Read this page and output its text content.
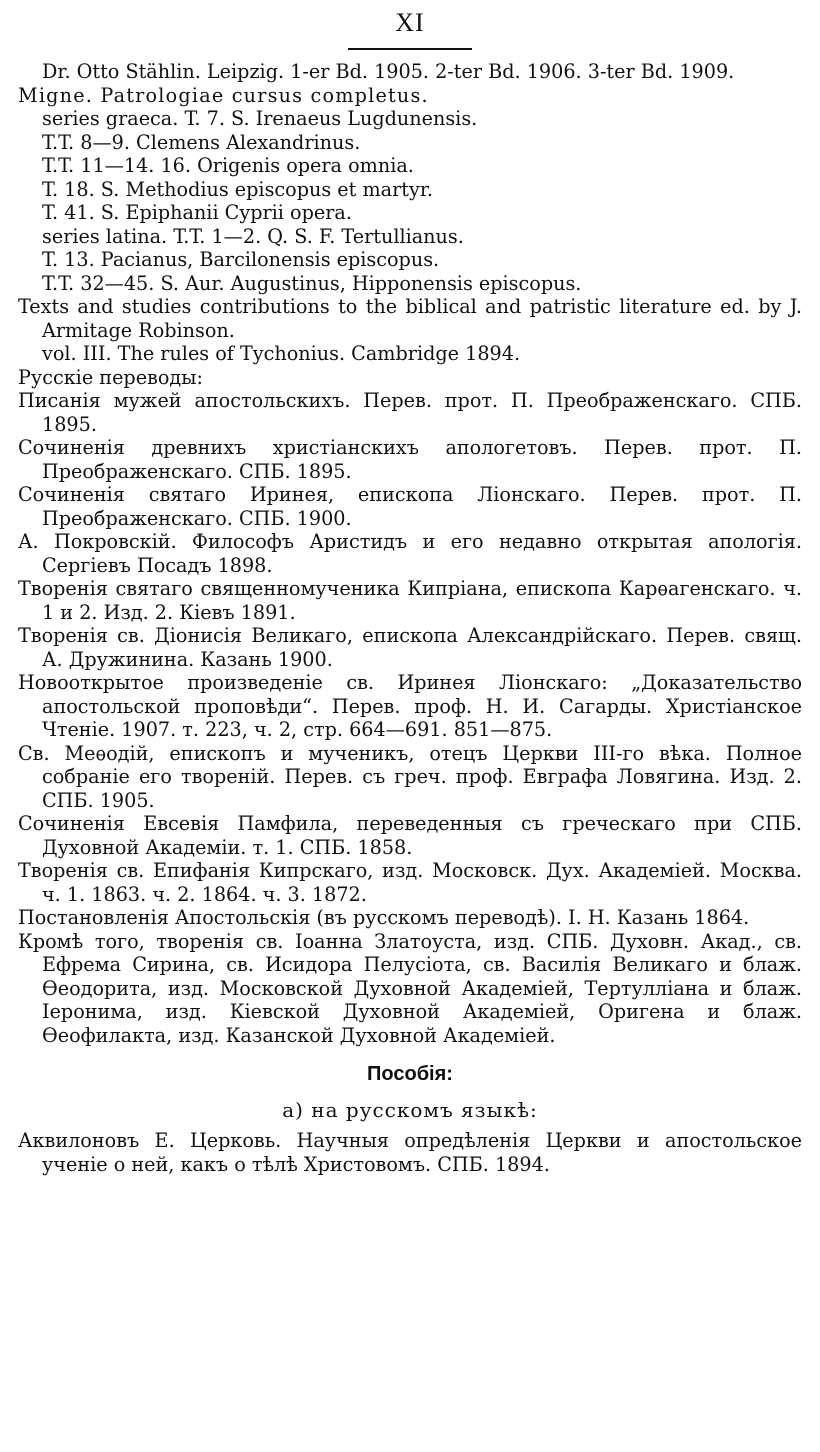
XI
Dr. Otto Stählin. Leipzig. 1-er Bd. 1905. 2-ter Bd. 1906. 3-ter Bd. 1909.
Migne. Patrologiae cursus completus.
series graeca. T. 7. S. Irenaeus Lugdunensis.
T.T. 8—9. Clemens Alexandrinus.
T.T. 11—14. 16. Origenis opera omnia.
T. 18. S. Methodius episcopus et martyr.
T. 41. S. Epiphanii Cyprii opera.
series latina. T.T. 1—2. Q. S. F. Tertullianus.
T. 13. Pacianus, Barcilonensis episcopus.
T.T. 32—45. S. Aur. Augustinus, Hipponensis episcopus.
Texts and studies contributions to the biblical and patristic literature ed. by J. Armitage Robinson.
vol. III. The rules of Tychonius. Cambridge 1894.
Русскіе переводы:
Писанія мужей апостольскихъ. Перев. прот. П. Преображенскаго. СПБ. 1895.
Сочиненія древнихъ христіанскихъ апологетовъ. Перев. прот. П. Преображенскаго. СПБ. 1895.
Сочиненія святаго Иринея, епископа Ліонскаго. Перев. прот. П. Преображенскаго. СПБ. 1900.
А. Покровскій. Философъ Аристидъ и его недавно открытая апологія. Сергіевъ Посадъ 1898.
Творенія святаго священномученика Кипріана, епископа Карѳагенскаго. ч. 1 и 2. Изд. 2. Кіевъ 1891.
Творенія св. Діонисія Великаго, епископа Александрійскаго. Перев. свящ. А. Дружинина. Казань 1900.
Новооткрытое произведеніе св. Иринея Ліонскаго: „Доказательство апостольской проповѣди“. Перев. проф. Н. И. Сагарды. Христіанское Чтеніе. 1907. т. 223, ч. 2, стр. 664—691. 851—875.
Св. Меѳодій, епископъ и мученикъ, отецъ Церкви III-го вѣка. Полное собраніе его твореній. Перев. съ греч. проф. Евграфа Ловягина. Изд. 2. СПБ. 1905.
Сочиненія Евсевія Памфила, переведенныя съ греческаго при СПБ. Духовной Академіи. т. 1. СПБ. 1858.
Творенія св. Епифанія Кипрскаго, изд. Московск. Дух. Академіей. Москва. ч. 1. 1863. ч. 2. 1864. ч. 3. 1872.
Постановленія Апостольскія (въ русскомъ переводѣ). I. Н. Казань 1864.
Кромѣ того, творенія св. Іоанна Златоуста, изд. СПБ. Духовн. Акад., св. Ефрема Сирина, св. Исидора Пелусіота, св. Василія Великаго и блаж. Ѳеодорита, изд. Московской Духовной Академіей, Тертулліана и блаж. Іеронима, изд. Кіевской Духовной Академіей, Оригена и блаж. Ѳеофилакта, изд. Казанской Духовной Академіей.
Пособія:
а) на русскомъ языкѣ:
Аквилоновъ Е. Церковь. Научныя опредѣленія Церкви и апостольское ученіе о ней, какъ о тѣлѣ Христовомъ. СПБ. 1894.
